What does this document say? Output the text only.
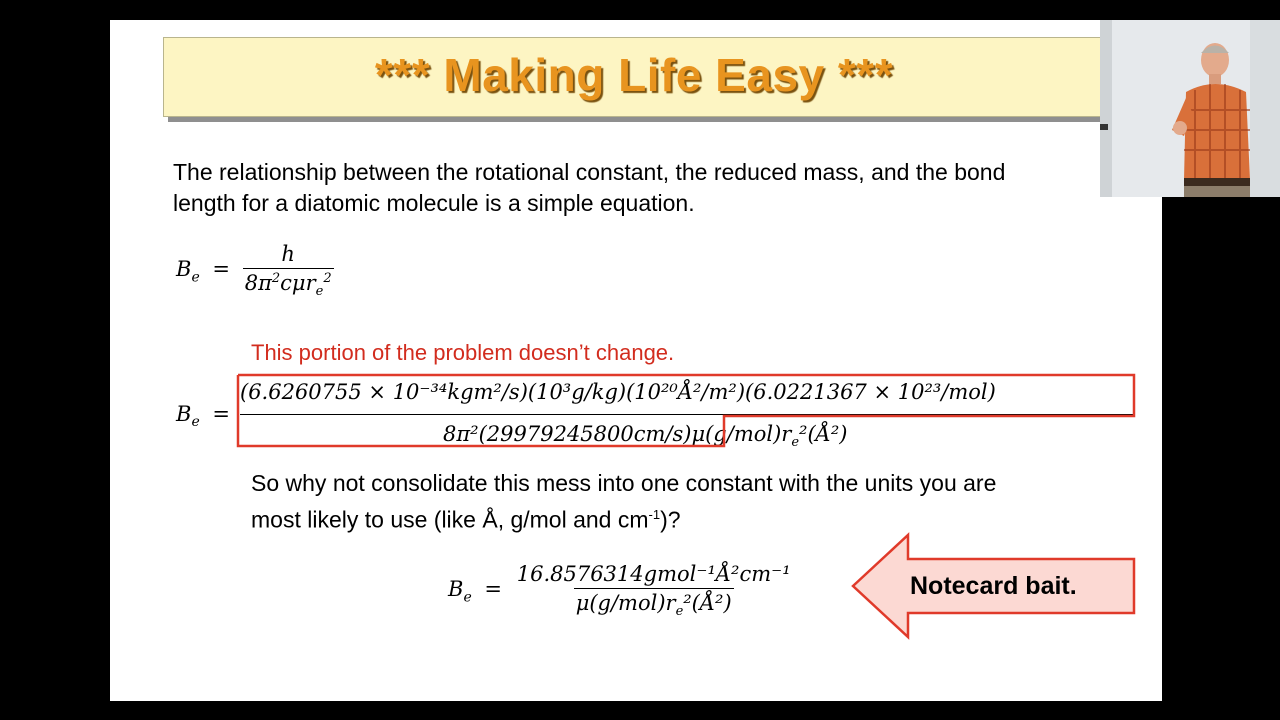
*** Making Life Easy ***
The relationship between the rotational constant, the reduced mass, and the bond
length for a diatomic molecule is a simple equation.
$B_e = \frac{h}{8\pi^2c\mu r_e^2}$
This portion of the problem doesn’t change.
$B_e$ =
(6.6260755 × 10⁻³⁴kgm²/s)(10³g/kg)(10²⁰Å²/m²)(6.0221367 × 10²³/mol)
$8\pi^2(29979245800cm/s)\mu(g/mol)r_e^2(Å^2)$
So why not consolidate this mess into one constant with the units you are
most likely to use (like Å, g/mol and $cm^{-1}$)?
$B_e = \frac{\text{16.8576314gmol⁻¹Å²cm⁻¹}}{\mu(g/mol)r_e^2(Å^2)}$	Notecard bait.
